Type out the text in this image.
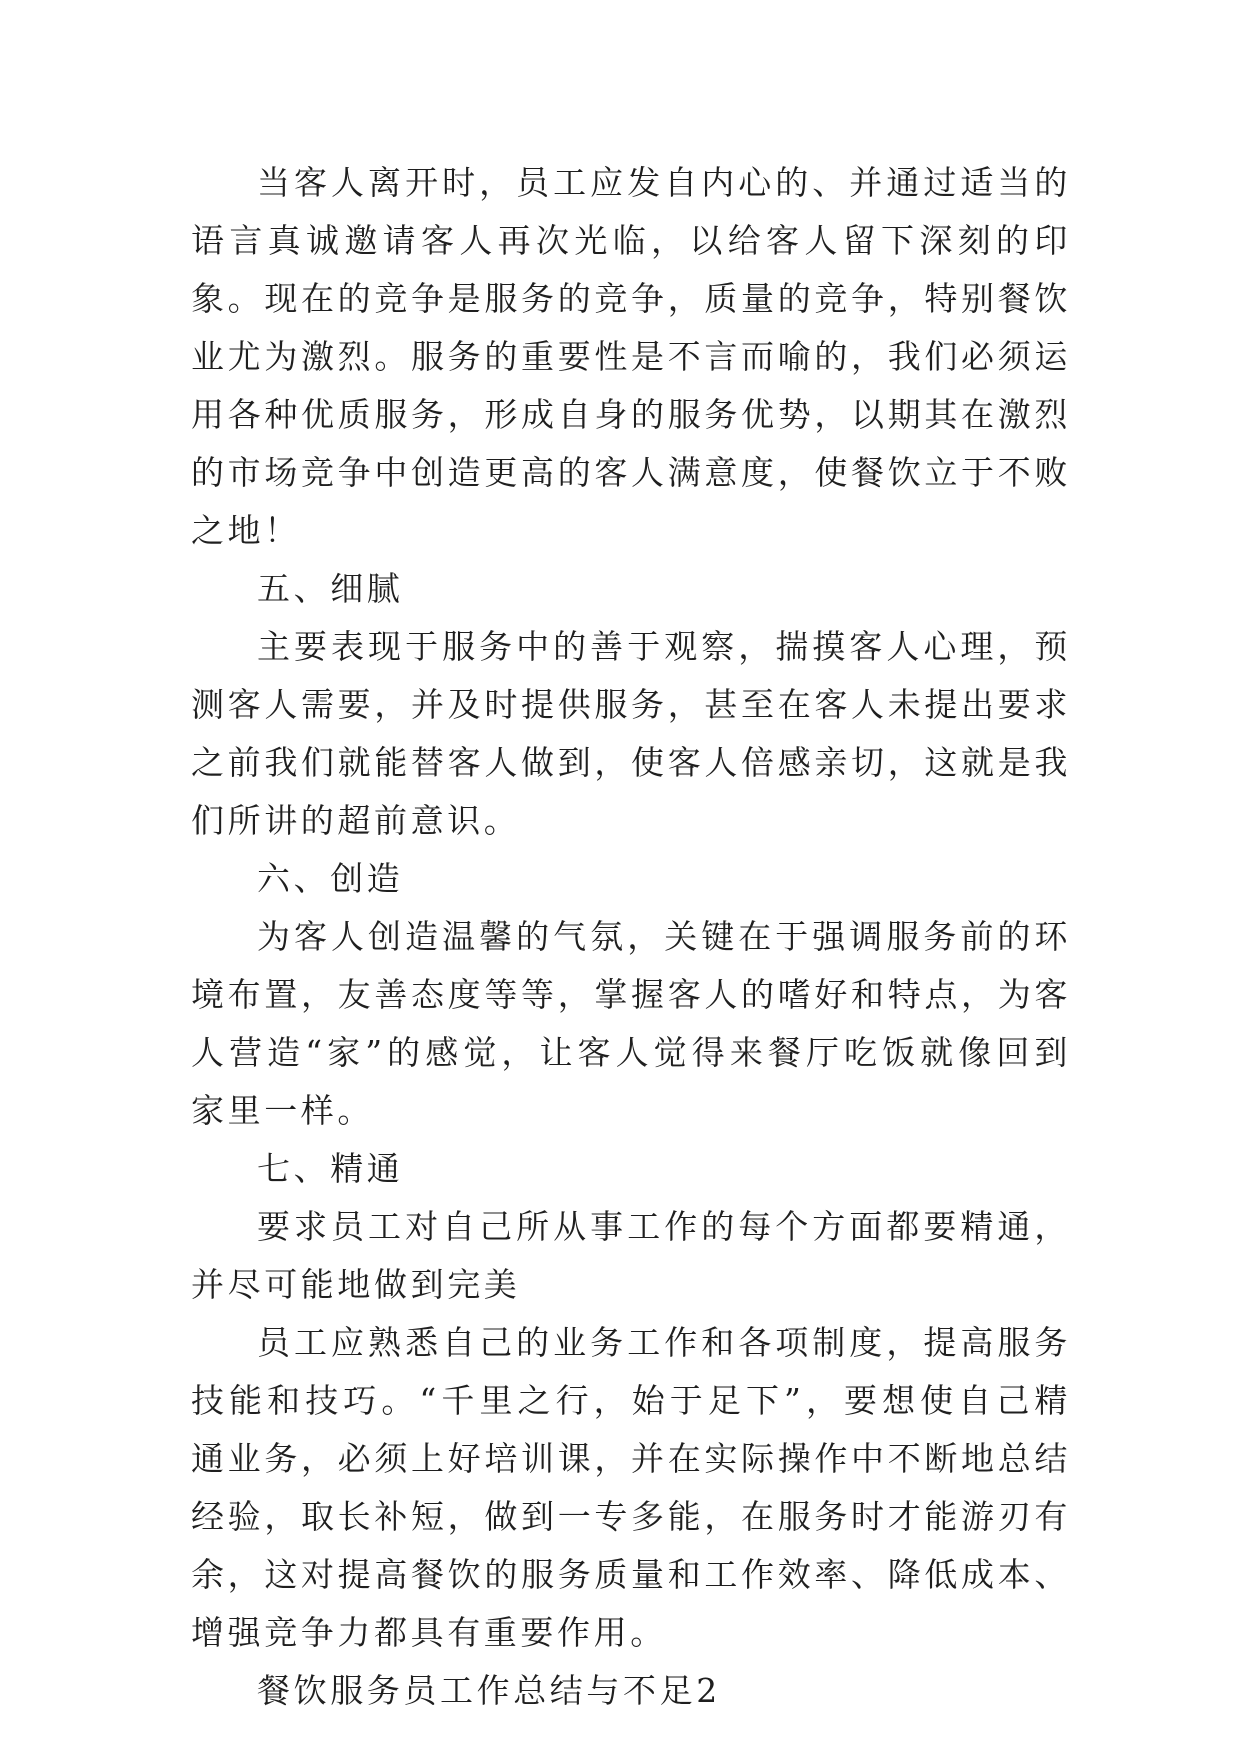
当客人离开时，员工应发自内心的、并通过适当的语言真诚邀请客人再次光临，以给客人留下深刻的印象。现在的竞争是服务的竞争，质量的竞争，特别餐饮业尤为激烈。服务的重要性是不言而喻的，我们必须运用各种优质服务，形成自身的服务优势，以期其在激烈的市场竞争中创造更高的客人满意度，使餐饮立于不败之地！

五、细腻

主要表现于服务中的善于观察，揣摸客人心理，预测客人需要，并及时提供服务，甚至在客人未提出要求之前我们就能替客人做到，使客人倍感亲切，这就是我们所讲的超前意识。

六、创造

为客人创造温馨的气氛，关键在于强调服务前的环境布置，友善态度等等，掌握客人的嗜好和特点，为客人营造“家”的感觉，让客人觉得来餐厅吃饭就像回到家里一样。

七、精通

要求员工对自己所从事工作的每个方面都要精通，并尽可能地做到完美

员工应熟悉自己的业务工作和各项制度，提高服务技能和技巧。“千里之行，始于足下”，要想使自己精通业务，必须上好培训课，并在实际操作中不断地总结经验，取长补短，做到一专多能，在服务时才能游刃有余，这对提高餐饮的服务质量和工作效率、降低成本、增强竞争力都具有重要作用。

餐饮服务员工作总结与不足2
